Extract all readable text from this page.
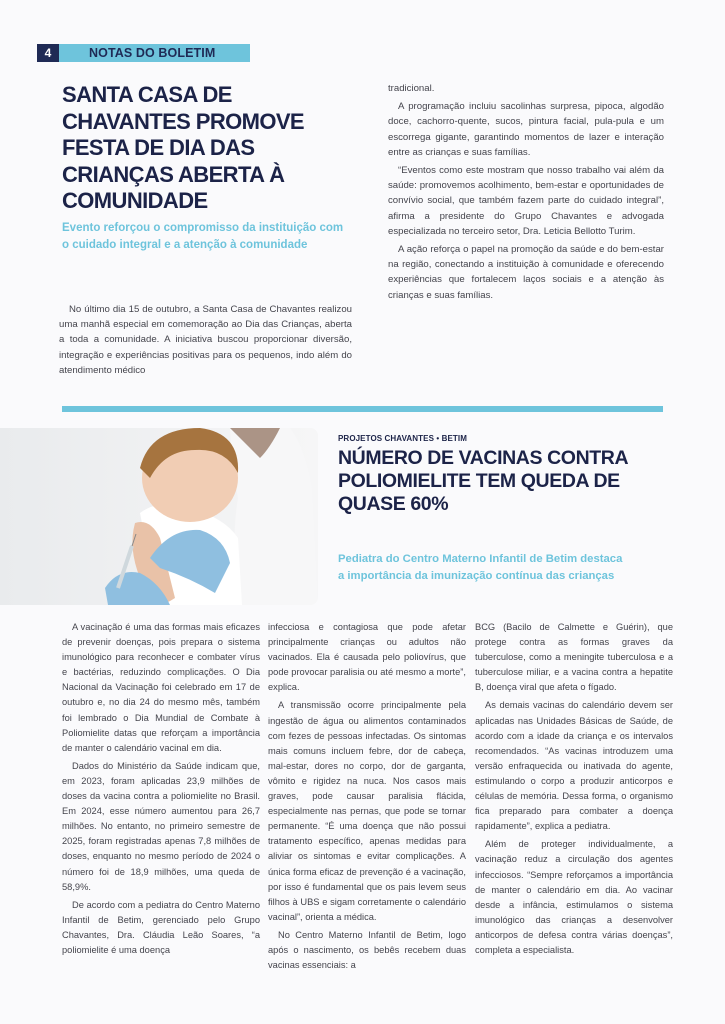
4	NOTAS DO BOLETIM
SANTA CASA DE CHAVANTES PROMOVE FESTA DE DIA DAS CRIANÇAS ABERTA À COMUNIDADE
Evento reforçou o compromisso da instituição com o cuidado integral e a atenção à comunidade

No último dia 15 de outubro, a Santa Casa de Chavantes realizou uma manhã especial em comemoração ao Dia das Crianças, aberta a toda a comunidade. A iniciativa buscou proporcionar diversão, integração e experiências positivas para os pequenos, indo além do atendimento médico

tradicional.

A programação incluiu sacolinhas surpresa, pipoca, algodão doce, cachorro-quente, sucos, pintura facial, pula-pula e um escorrega gigante, garantindo momentos de lazer e interação entre as crianças e suas famílias.

“Eventos como este mostram que nosso trabalho vai além da saúde: promovemos acolhimento, bem-estar e oportunidades de convívio social, que também fazem parte do cuidado integral”, afirma a presidente do Grupo Chavantes e advogada especializada no terceiro setor, Dra. Leticia Bellotto Turim.

A ação reforça o papel na promoção da saúde e do bem-estar na região, conectando a instituição à comunidade e oferecendo experiências que fortalecem laços sociais e a atenção às crianças e suas famílias.

PROJETOS CHAVANTES • BETIM
NÚMERO DE VACINAS CONTRA POLIOMIELITE TEM QUEDA DE QUASE 60%
Pediatra do Centro Materno Infantil de Betim destaca a importância da imunização contínua das crianças

A vacinação é uma das formas mais eficazes de prevenir doenças, pois prepara o sistema imunológico para reconhecer e combater vírus e bactérias, reduzindo complicações. O Dia Nacional da Vacinação foi celebrado em 17 de outubro e, no dia 24 do mesmo mês, também foi lembrado o Dia Mundial de Combate à Poliomielite datas que reforçam a importância de manter o calendário vacinal em dia.

Dados do Ministério da Saúde indicam que, em 2023, foram aplicadas 23,9 milhões de doses da vacina contra a poliomielite no Brasil. Em 2024, esse número aumentou para 26,7 milhões. No entanto, no primeiro semestre de 2025, foram registradas apenas 7,8 milhões de doses, enquanto no mesmo período de 2024 o número foi de 18,9 milhões, uma queda de 58,9%.

De acordo com a pediatra do Centro Materno Infantil de Betim, gerenciado pelo Grupo Chavantes, Dra. Cláudia Leão Soares, “a poliomielite é uma doença

infecciosa e contagiosa que pode afetar principalmente crianças ou adultos não vacinados. Ela é causada pelo poliovírus, que pode provocar paralisia ou até mesmo a morte”, explica.

A transmissão ocorre principalmente pela ingestão de água ou alimentos contaminados com fezes de pessoas infectadas. Os sintomas mais comuns incluem febre, dor de cabeça, mal-estar, dores no corpo, dor de garganta, vômito e rigidez na nuca. Nos casos mais graves, pode causar paralisia flácida, especialmente nas pernas, que pode se tornar permanente. “É uma doença que não possui tratamento específico, apenas medidas para aliviar os sintomas e evitar complicações. A única forma eficaz de prevenção é a vacinação, por isso é fundamental que os pais levem seus filhos à UBS e sigam corretamente o calendário vacinal”, orienta a médica.

No Centro Materno Infantil de Betim, logo após o nascimento, os bebês recebem duas vacinas essenciais: a

BCG (Bacilo de Calmette e Guérin), que protege contra as formas graves da tuberculose, como a meningite tuberculosa e a tuberculose miliar, e a vacina contra a hepatite B, doença viral que afeta o fígado.

As demais vacinas do calendário devem ser aplicadas nas Unidades Básicas de Saúde, de acordo com a idade da criança e os intervalos recomendados. “As vacinas introduzem uma versão enfraquecida ou inativada do agente, estimulando o corpo a produzir anticorpos e células de memória. Dessa forma, o organismo fica preparado para combater a doença rapidamente”, explica a pediatra.

Além de proteger individualmente, a vacinação reduz a circulação dos agentes infecciosos. “Sempre reforçamos a importância de manter o calendário em dia. Ao vacinar desde a infância, estimulamos o sistema imunológico das crianças a desenvolver anticorpos de defesa contra várias doenças”, completa a especialista.
